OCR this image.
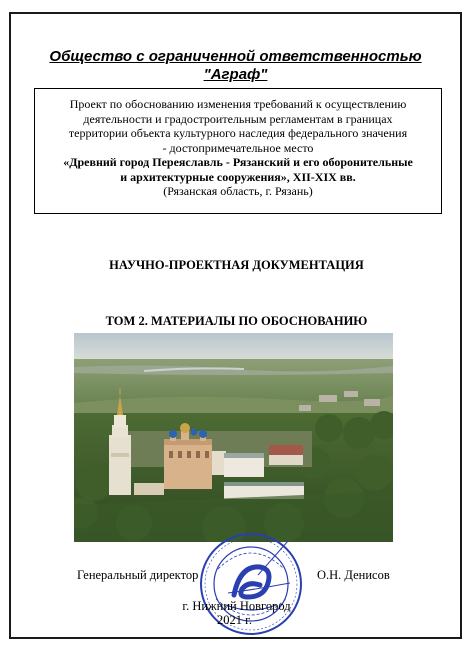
Общество с ограниченной ответственностью
"Аграф"
Проект по обоснованию изменения требований к осуществлению
деятельности и градостроительным регламентам в границах
территории объекта культурного наследия федерального значения
- достопримечательное место
«Древний город Переяславль - Рязанский и его оборонительные
и архитектурные сооружения», XII-XIX вв.
(Рязанская область, г. Рязань)
НАУЧНО-ПРОЕКТНАЯ ДОКУМЕНТАЦИЯ
ТОМ 2. МАТЕРИАЛЫ ПО ОБОСНОВАНИЮ
Генеральный директор	О.Н. Денисов
г. Нижний Новгород
2021 г.
